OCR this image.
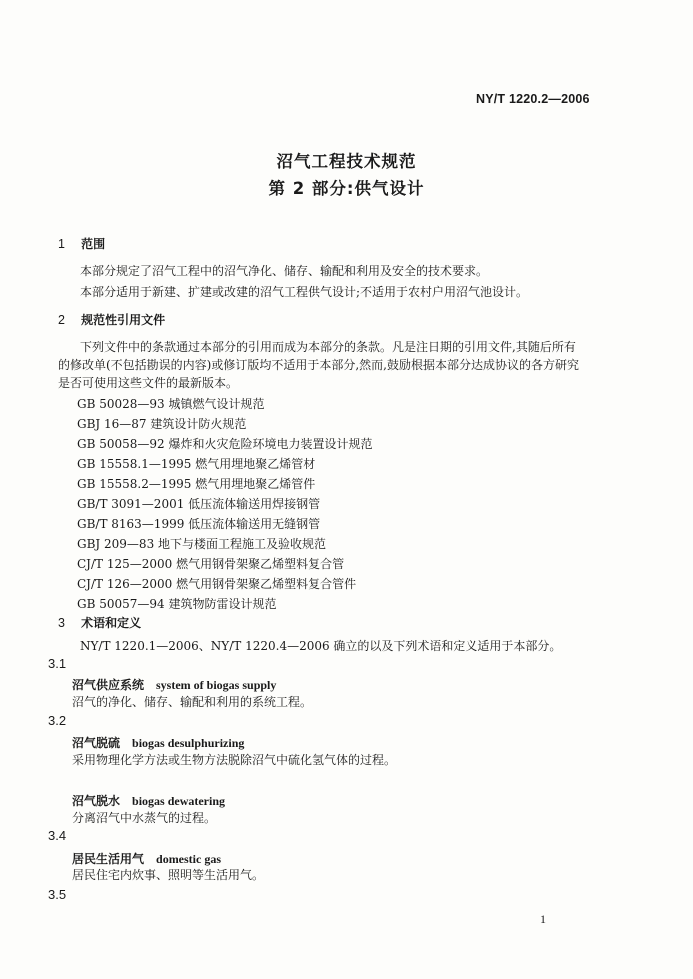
NY/T 1220.2—2006
沼气工程技术规范
第 2 部分:供气设计
1 范围
本部分规定了沼气工程中的沼气净化、储存、输配和利用及安全的技术要求。
本部分适用于新建、扩建或改建的沼气工程供气设计;不适用于农村户用沼气池设计。
2 规范性引用文件
下列文件中的条款通过本部分的引用而成为本部分的条款。凡是注日期的引用文件,其随后所有
的修改单(不包括勘误的内容)或修订版均不适用于本部分,然而,鼓励根据本部分达成协议的各方研究
是否可使用这些文件的最新版本。
GB 50028—93 城镇燃气设计规范
GBJ 16—87 建筑设计防火规范
GB 50058—92 爆炸和火灾危险环境电力装置设计规范
GB 15558.1—1995 燃气用埋地聚乙烯管材
GB 15558.2—1995 燃气用埋地聚乙烯管件
GB/T 3091—2001 低压流体输送用焊接钢管
GB/T 8163—1999 低压流体输送用无缝钢管
GBJ 209—83 地下与楼面工程施工及验收规范
CJ/T 125—2000 燃气用钢骨架聚乙烯塑料复合管
CJ/T 126—2000 燃气用钢骨架聚乙烯塑料复合管件
GB 50057—94 建筑物防雷设计规范
3 术语和定义
NY/T 1220.1—2006、NY/T 1220.4—2006 确立的以及下列术语和定义适用于本部分。
3.1
沼气供应系统 system of biogas supply
沼气的净化、储存、输配和利用的系统工程。
3.2
沼气脱硫 biogas desulphurizing
采用物理化学方法或生物方法脱除沼气中硫化氢气体的过程。
沼气脱水 biogas dewatering
分离沼气中水蒸气的过程。
3.4
居民生活用气 domestic gas
居民住宅内炊事、照明等生活用气。
3.5
1
